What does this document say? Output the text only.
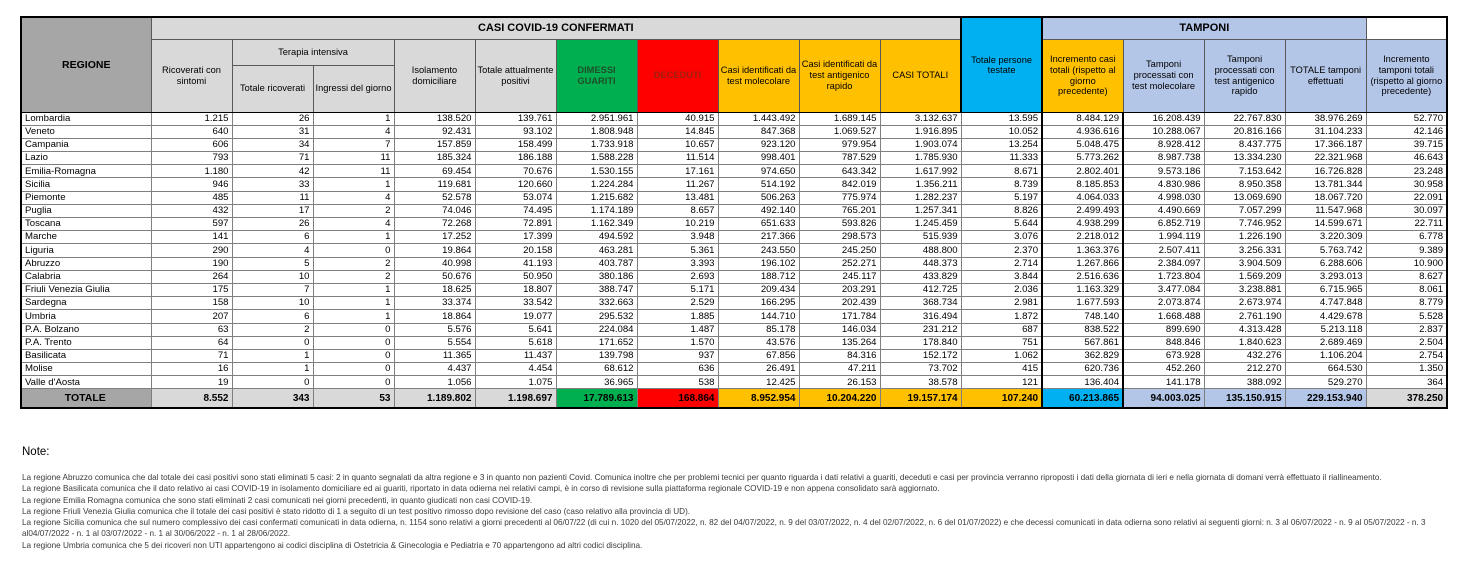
REGIONE	CASI COVID-19 CONFERMATI										Totale persone testate	TAMPONI				
	Ricoverati con sintomi	Terapia intensiva		Isolamento domiciliare	Totale attualmente positivi	DIMESSI GUARITI	DECEDUTI	Casi identificati da test molecolare	Casi identificati da test antigenico rapido	CASI TOTALI		Incremento casi totali (rispetto al giorno precedente)	Tamponi processati con test molecolare	Tamponi processati con test antigenico rapido	TOTALE tamponi effettuati	Incremento tamponi totali (rispetto al giorno precedente)
		Totale ricoverati	Ingressi del giorno													
Lombardia	1.215	26	1	138.520	139.761	2.951.961	40.915	1.443.492	1.689.145	3.132.637	13.595	8.484.129	16.208.439	22.767.830	38.976.269	52.770
Veneto	640	31	4	92.431	93.102	1.808.948	14.845	847.368	1.069.527	1.916.895	10.052	4.936.616	10.288.067	20.816.166	31.104.233	42.146
Campania	606	34	7	157.859	158.499	1.733.918	10.657	923.120	979.954	1.903.074	13.254	5.048.475	8.928.412	8.437.775	17.366.187	39.715
Lazio	793	71	11	185.324	186.188	1.588.228	11.514	998.401	787.529	1.785.930	11.333	5.773.262	8.987.738	13.334.230	22.321.968	46.643
Emilia-Romagna	1.180	42	11	69.454	70.676	1.530.155	17.161	974.650	643.342	1.617.992	8.671	2.802.401	9.573.186	7.153.642	16.726.828	23.248
Sicilia	946	33	1	119.681	120.660	1.224.284	11.267	514.192	842.019	1.356.211	8.739	8.185.853	4.830.986	8.950.358	13.781.344	30.958
Piemonte	485	11	4	52.578	53.074	1.215.682	13.481	506.263	775.974	1.282.237	5.197	4.064.033	4.998.030	13.069.690	18.067.720	22.091
Puglia	432	17	2	74.046	74.495	1.174.189	8.657	492.140	765.201	1.257.341	8.826	2.499.493	4.490.669	7.057.299	11.547.968	30.097
Toscana	597	26	4	72.268	72.891	1.162.349	10.219	651.633	593.826	1.245.459	5.644	4.938.299	6.852.719	7.746.952	14.599.671	22.711
Marche	141	6	1	17.252	17.399	494.592	3.948	217.366	298.573	515.939	3.076	2.218.012	1.994.119	1.226.190	3.220.309	6.778
Liguria	290	4	0	19.864	20.158	463.281	5.361	243.550	245.250	488.800	2.370	1.363.376	2.507.411	3.256.331	5.763.742	9.389
Abruzzo	190	5	2	40.998	41.193	403.787	3.393	196.102	252.271	448.373	2.714	1.267.866	2.384.097	3.904.509	6.288.606	10.900
Calabria	264	10	2	50.676	50.950	380.186	2.693	188.712	245.117	433.829	3.844	2.516.636	1.723.804	1.569.209	3.293.013	8.627
Friuli Venezia Giulia	175	7	1	18.625	18.807	388.747	5.171	209.434	203.291	412.725	2.036	1.163.329	3.477.084	3.238.881	6.715.965	8.061
Sardegna	158	10	1	33.374	33.542	332.663	2.529	166.295	202.439	368.734	2.981	1.677.593	2.073.874	2.673.974	4.747.848	8.779
Umbria	207	6	1	18.864	19.077	295.532	1.885	144.710	171.784	316.494	1.872	748.140	1.668.488	2.761.190	4.429.678	5.528
P.A. Bolzano	63	2	0	5.576	5.641	224.084	1.487	85.178	146.034	231.212	687	838.522	899.690	4.313.428	5.213.118	2.837
P.A. Trento	64	0	0	5.554	5.618	171.652	1.570	43.576	135.264	178.840	751	567.861	848.846	1.840.623	2.689.469	2.504
Basilicata	71	1	0	11.365	11.437	139.798	937	67.856	84.316	152.172	1.062	362.829	673.928	432.276	1.106.204	2.754
Molise	16	1	0	4.437	4.454	68.612	636	26.491	47.211	73.702	415	620.736	452.260	212.270	664.530	1.350
Valle d'Aosta	19	0	0	1.056	1.075	36.965	538	12.425	26.153	38.578	121	136.404	141.178	388.092	529.270	364
TOTALE	8.552	343	53	1.189.802	1.198.697	17.789.613	168.864	8.952.954	10.204.220	19.157.174	107.240	60.213.865	94.003.025	135.150.915	229.153.940	378.250
Note:
La regione Abruzzo comunica che dal totale dei casi positivi sono stati eliminati 5 casi: 2 in quanto segnalati da altra regione e 3 in quanto non pazienti Covid. Comunica inoltre che per problemi tecnici per quanto riguarda i dati relativi a guariti, deceduti e casi per provincia verranno riproposti i dati della giornata di ieri e nella giornata di domani verrà effettuato il riallineamento.
La regione Basilicata comunica che il dato relativo ai casi COVID-19 in isolamento domiciliare ed ai guariti, riportato in data odierna nei relativi campi, è in corso di revisione sulla piattaforma regionale COVID-19 e non appena consolidato sarà aggiornato.
La regione Emilia Romagna comunica che sono stati eliminati 2 casi comunicati nei giorni precedenti, in quanto giudicati non casi COVID-19.
La regione Friuli Venezia Giulia comunica che il totale dei casi positivi è stato ridotto di 1 a seguito di un test positivo rimosso dopo revisione del caso (caso relativo alla provincia di UD).
La regione Sicilia comunica che sul numero complessivo dei casi confermati comunicati in data odierna, n. 1154 sono relativi a giorni precedenti al 06/07/22 (di cui n. 1020 del 05/07/2022, n. 82 del 04/07/2022, n. 9 del 03/07/2022, n. 4 del 02/07/2022, n. 6 del 01/07/2022) e che decessi comunicati in data odierna sono relativi ai seguenti giorni: n. 3 al 06/07/2022 - n. 9 al 05/07/2022 - n. 3 al04/07/2022 - n. 1 al 03/07/2022 - n. 1 al 30/06/2022 - n. 1 al 28/06/2022.
La regione Umbria comunica che 5 dei ricoveri non UTI appartengono ai codici disciplina di Ostetricia & Ginecologia e Pediatria e 70 appartengono ad altri codici disciplina.
